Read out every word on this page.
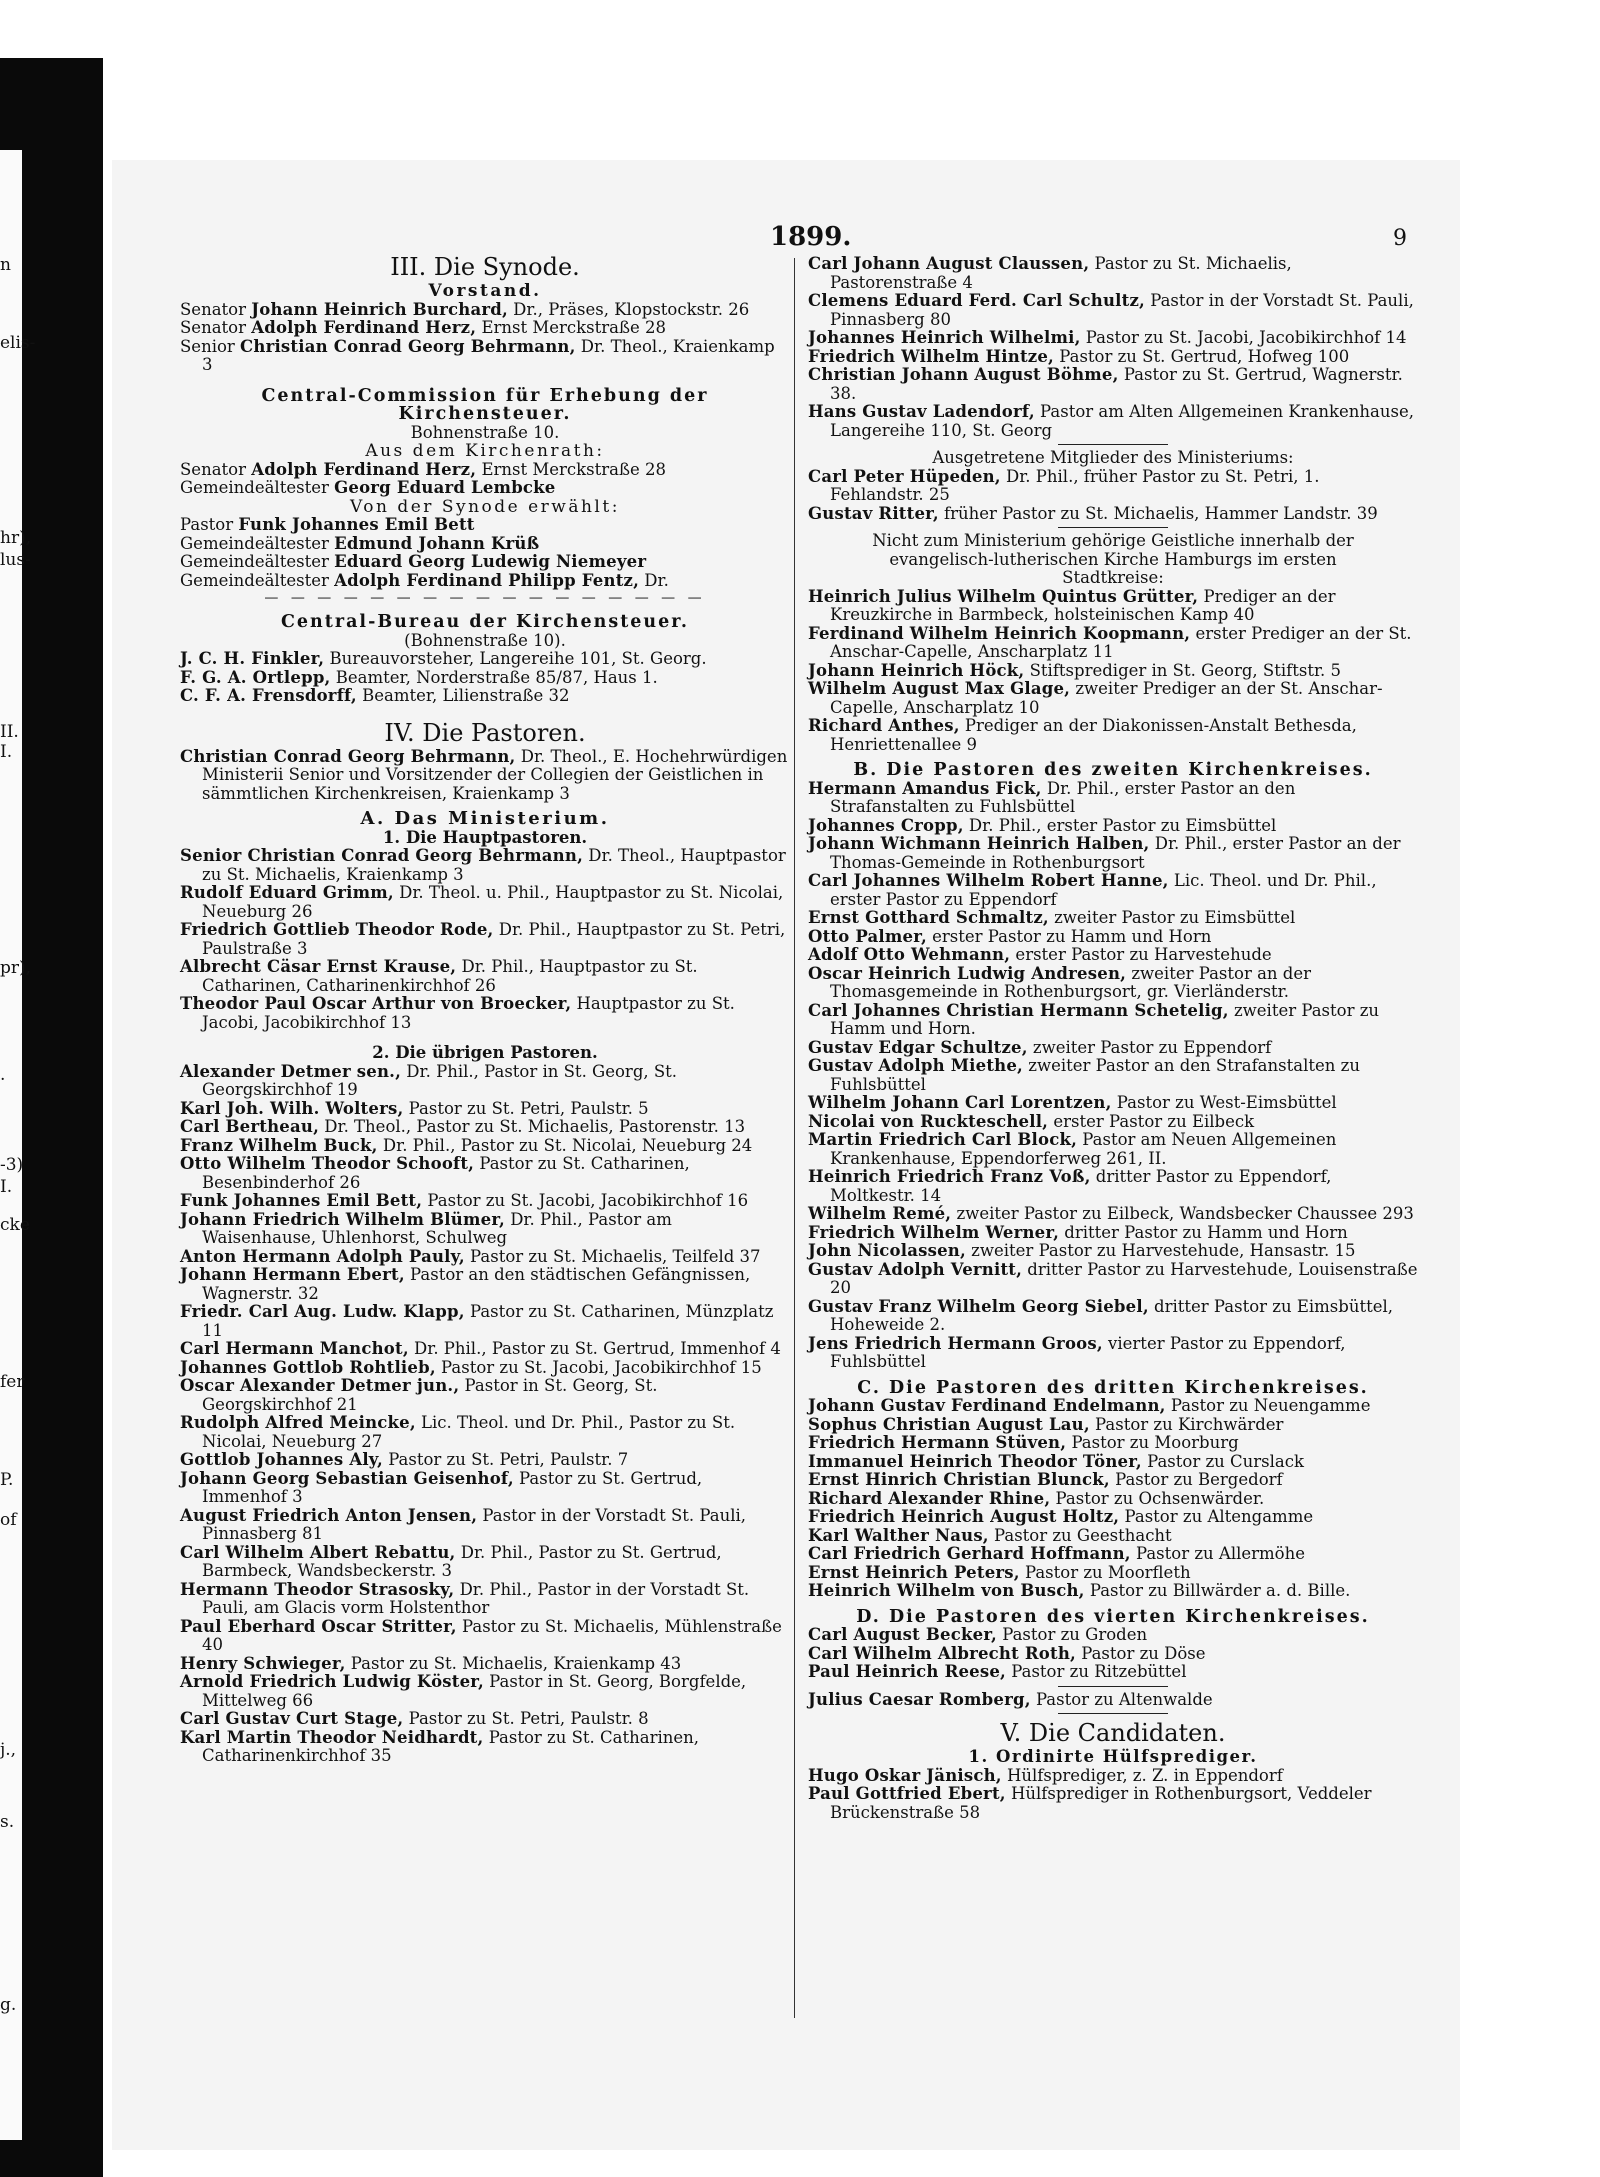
n
elis-
hr),
lus-
II.
I.
pr),
.
-3)
I.
cke
fer
P.
of
j.,
s.
g.
1899.	9

III. Die Synode.

Vorstand.

Senator Johann Heinrich Burchard, Dr., Präses, Klopstockstr. 26

Senator Adolph Ferdinand Herz, Ernst Merckstraße 28

Senior Christian Conrad Georg Behrmann, Dr. Theol., Kraienkamp 3

Central-Commission für Erhebung der Kirchensteuer.

Bohnenstraße 10.

Aus dem Kirchenrath:

Senator Adolph Ferdinand Herz, Ernst Merckstraße 28

Gemeindeältester Georg Eduard Lembcke

Von der Synode erwählt:

Pastor Funk Johannes Emil Bett

Gemeindeältester Edmund Johann Krüß

Gemeindeältester Eduard Georg Ludewig Niemeyer

Gemeindeältester Adolph Ferdinand Philipp Fentz, Dr.

— — — — — — — — — — — — — — — — —

Central-Bureau der Kirchensteuer.

(Bohnenstraße 10).

J. C. H. Finkler, Bureauvorsteher, Langereihe 101, St. Georg.

F. G. A. Ortlepp, Beamter, Norderstraße 85/87, Haus 1.

C. F. A. Frensdorff, Beamter, Lilienstraße 32

IV. Die Pastoren.

Christian Conrad Georg Behrmann, Dr. Theol., E. Hochehrwürdigen Ministerii Senior und Vorsitzender der Collegien der Geistlichen in sämmtlichen Kirchenkreisen, Kraienkamp 3

A. Das Ministerium.

1. Die Hauptpastoren.

Senior Christian Conrad Georg Behrmann, Dr. Theol., Hauptpastor zu St. Michaelis, Kraienkamp 3

Rudolf Eduard Grimm, Dr. Theol. u. Phil., Hauptpastor zu St. Nicolai, Neueburg 26

Friedrich Gottlieb Theodor Rode, Dr. Phil., Hauptpastor zu St. Petri, Paulstraße 3

Albrecht Cäsar Ernst Krause, Dr. Phil., Hauptpastor zu St. Catharinen, Catharinenkirchhof 26

Theodor Paul Oscar Arthur von Broecker, Hauptpastor zu St. Jacobi, Jacobikirchhof 13

2. Die übrigen Pastoren.

Alexander Detmer sen., Dr. Phil., Pastor in St. Georg, St. Georgskirchhof 19

Karl Joh. Wilh. Wolters, Pastor zu St. Petri, Paulstr. 5

Carl Bertheau, Dr. Theol., Pastor zu St. Michaelis, Pastorenstr. 13

Franz Wilhelm Buck, Dr. Phil., Pastor zu St. Nicolai, Neueburg 24

Otto Wilhelm Theodor Schooft, Pastor zu St. Catharinen, Besenbinderhof 26

Funk Johannes Emil Bett, Pastor zu St. Jacobi, Jacobikirchhof 16

Johann Friedrich Wilhelm Blümer, Dr. Phil., Pastor am Waisenhause, Uhlenhorst, Schulweg

Anton Hermann Adolph Pauly, Pastor zu St. Michaelis, Teilfeld 37

Johann Hermann Ebert, Pastor an den städtischen Gefängnissen, Wagnerstr. 32

Friedr. Carl Aug. Ludw. Klapp, Pastor zu St. Catharinen, Münzplatz 11

Carl Hermann Manchot, Dr. Phil., Pastor zu St. Gertrud, Immenhof 4

Johannes Gottlob Rohtlieb, Pastor zu St. Jacobi, Jacobikirchhof 15

Oscar Alexander Detmer jun., Pastor in St. Georg, St. Georgskirchhof 21

Rudolph Alfred Meincke, Lic. Theol. und Dr. Phil., Pastor zu St. Nicolai, Neueburg 27

Gottlob Johannes Aly, Pastor zu St. Petri, Paulstr. 7

Johann Georg Sebastian Geisenhof, Pastor zu St. Gertrud, Immenhof 3

August Friedrich Anton Jensen, Pastor in der Vorstadt St. Pauli, Pinnasberg 81

Carl Wilhelm Albert Rebattu, Dr. Phil., Pastor zu St. Gertrud, Barmbeck, Wandsbeckerstr. 3

Hermann Theodor Strasosky, Dr. Phil., Pastor in der Vorstadt St. Pauli, am Glacis vorm Holstenthor

Paul Eberhard Oscar Stritter, Pastor zu St. Michaelis, Mühlenstraße 40

Henry Schwieger, Pastor zu St. Michaelis, Kraienkamp 43

Arnold Friedrich Ludwig Köster, Pastor in St. Georg, Borgfelde, Mittelweg 66

Carl Gustav Curt Stage, Pastor zu St. Petri, Paulstr. 8

Karl Martin Theodor Neidhardt, Pastor zu St. Catharinen, Catharinenkirchhof 35

Carl Johann August Claussen, Pastor zu St. Michaelis, Pastorenstraße 4

Clemens Eduard Ferd. Carl Schultz, Pastor in der Vorstadt St. Pauli, Pinnasberg 80

Johannes Heinrich Wilhelmi, Pastor zu St. Jacobi, Jacobikirchhof 14

Friedrich Wilhelm Hintze, Pastor zu St. Gertrud, Hofweg 100

Christian Johann August Böhme, Pastor zu St. Gertrud, Wagnerstr. 38.

Hans Gustav Ladendorf, Pastor am Alten Allgemeinen Krankenhause, Langereihe 110, St. Georg

Ausgetretene Mitglieder des Ministeriums:

Carl Peter Hüpeden, Dr. Phil., früher Pastor zu St. Petri, 1. Fehlandstr. 25

Gustav Ritter, früher Pastor zu St. Michaelis, Hammer Landstr. 39

Nicht zum Ministerium gehörige Geistliche innerhalb der evangelisch-lutherischen Kirche Hamburgs im ersten Stadtkreise:

Heinrich Julius Wilhelm Quintus Grütter, Prediger an der Kreuzkirche in Barmbeck, holsteinischen Kamp 40

Ferdinand Wilhelm Heinrich Koopmann, erster Prediger an der St. Anschar-Capelle, Anscharplatz 11

Johann Heinrich Höck, Stiftsprediger in St. Georg, Stiftstr. 5

Wilhelm August Max Glage, zweiter Prediger an der St. Anschar-Capelle, Anscharplatz 10

Richard Anthes, Prediger an der Diakonissen-Anstalt Bethesda, Henriettenallee 9

B. Die Pastoren des zweiten Kirchenkreises.

Hermann Amandus Fick, Dr. Phil., erster Pastor an den Strafanstalten zu Fuhlsbüttel

Johannes Cropp, Dr. Phil., erster Pastor zu Eimsbüttel

Johann Wichmann Heinrich Halben, Dr. Phil., erster Pastor an der Thomas-Gemeinde in Rothenburgsort

Carl Johannes Wilhelm Robert Hanne, Lic. Theol. und Dr. Phil., erster Pastor zu Eppendorf

Ernst Gotthard Schmaltz, zweiter Pastor zu Eimsbüttel

Otto Palmer, erster Pastor zu Hamm und Horn

Adolf Otto Wehmann, erster Pastor zu Harvestehude

Oscar Heinrich Ludwig Andresen, zweiter Pastor an der Thomasgemeinde in Rothenburgsort, gr. Vierländerstr.

Carl Johannes Christian Hermann Schetelig, zweiter Pastor zu Hamm und Horn.

Gustav Edgar Schultze, zweiter Pastor zu Eppendorf

Gustav Adolph Miethe, zweiter Pastor an den Strafanstalten zu Fuhlsbüttel

Wilhelm Johann Carl Lorentzen, Pastor zu West-Eimsbüttel

Nicolai von Ruckteschell, erster Pastor zu Eilbeck

Martin Friedrich Carl Block, Pastor am Neuen Allgemeinen Krankenhause, Eppendorferweg 261, II.

Heinrich Friedrich Franz Voß, dritter Pastor zu Eppendorf, Moltkestr. 14

Wilhelm Remé, zweiter Pastor zu Eilbeck, Wandsbecker Chaussee 293

Friedrich Wilhelm Werner, dritter Pastor zu Hamm und Horn

John Nicolassen, zweiter Pastor zu Harvestehude, Hansastr. 15

Gustav Adolph Vernitt, dritter Pastor zu Harvestehude, Louisenstraße 20

Gustav Franz Wilhelm Georg Siebel, dritter Pastor zu Eimsbüttel, Hoheweide 2.

Jens Friedrich Hermann Groos, vierter Pastor zu Eppendorf, Fuhlsbüttel

C. Die Pastoren des dritten Kirchenkreises.

Johann Gustav Ferdinand Endelmann, Pastor zu Neuengamme

Sophus Christian August Lau, Pastor zu Kirchwärder

Friedrich Hermann Stüven, Pastor zu Moorburg

Immanuel Heinrich Theodor Töner, Pastor zu Curslack

Ernst Hinrich Christian Blunck, Pastor zu Bergedorf

Richard Alexander Rhine, Pastor zu Ochsenwärder.

Friedrich Heinrich August Holtz, Pastor zu Altengamme

Karl Walther Naus, Pastor zu Geesthacht

Carl Friedrich Gerhard Hoffmann, Pastor zu Allermöhe

Ernst Heinrich Peters, Pastor zu Moorfleth

Heinrich Wilhelm von Busch, Pastor zu Billwärder a. d. Bille.

D. Die Pastoren des vierten Kirchenkreises.

Carl August Becker, Pastor zu Groden

Carl Wilhelm Albrecht Roth, Pastor zu Döse

Paul Heinrich Reese, Pastor zu Ritzebüttel

Julius Caesar Romberg, Pastor zu Altenwalde

V. Die Candidaten.

1. Ordinirte Hülfsprediger.

Hugo Oskar Jänisch, Hülfsprediger, z. Z. in Eppendorf

Paul Gottfried Ebert, Hülfsprediger in Rothenburgsort, Veddeler Brückenstraße 58
